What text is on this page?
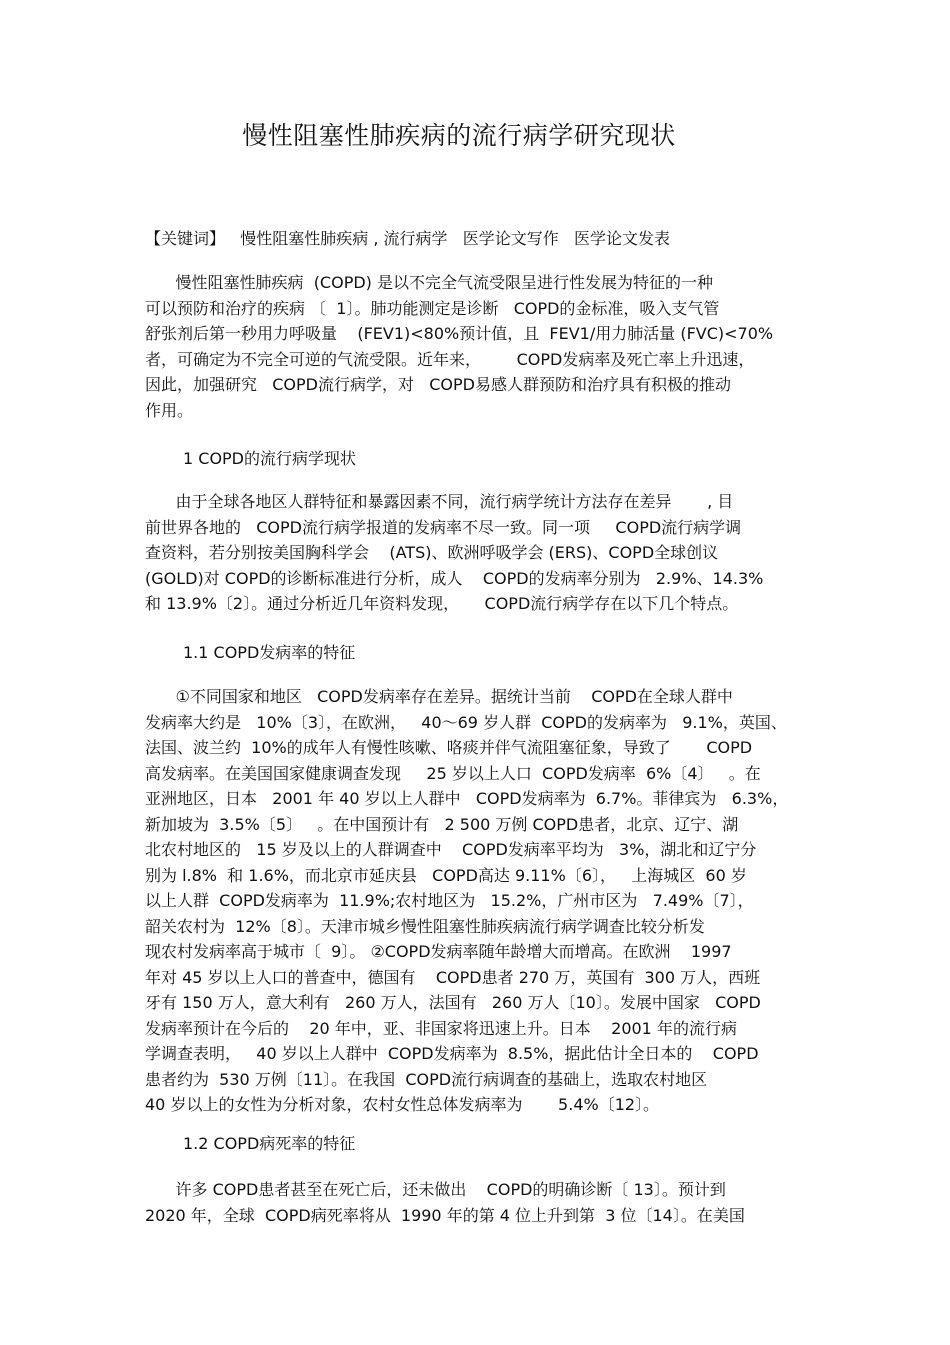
慢性阻塞性肺疾病的流行病学研究现状
【关键词】   慢性阻塞性肺疾病 , 流行病学   医学论文写作   医学论文发表
慢性阻塞性肺疾病  (COPD) 是以不完全气流受限呈进行性发展为特征的一种
可以预防和治疗的疾病 〔  1〕。肺功能测定是诊断   COPD的金标准，吸入支气管
舒张剂后第一秒用力呼吸量    (FEV1)<80%预计值，且  FEV1/用力肺活量 (FVC)<70%
者，可确定为不完全可逆的气流受限。近年来，       COPD发病率及死亡率上升迅速，
因此，加强研究   COPD流行病学，对   COPD易感人群预防和治疗具有积极的推动
作用。
1 COPD的流行病学现状
由于全球各地区人群特征和暴露因素不同，流行病学统计方法存在差异       , 目
前世界各地的   COPD流行病学报道的发病率不尽一致。同一项     COPD流行病学调
查资料，若分别按美国胸科学会    (ATS)、欧洲呼吸学会 (ERS)、COPD全球创议
(GOLD)对 COPD的诊断标准进行分析，成人    COPD的发病率分别为   2.9%、14.3%
和 13.9%〔2〕。通过分析近几年资料发现，     COPD流行病学存在以下几个特点。
1.1 COPD发病率的特征
①不同国家和地区   COPD发病率存在差异。据统计当前    COPD在全球人群中
发病率大约是   10%〔3〕，在欧洲，   40～69 岁人群  COPD的发病率为   9.1%，英国、
法国、波兰约  10%的成年人有慢性咳嗽、咯痰并伴气流阻塞征象，导致了       COPD
高发病率。在美国国家健康调查发现     25 岁以上人口  COPD发病率  6%〔4〕   。在
亚洲地区，日本   2001 年 40 岁以上人群中   COPD发病率为  6.7%。菲律宾为   6.3%，
新加坡为  3.5%〔5〕   。在中国预计有   2 500 万例 COPD患者，北京、辽宁、湖
北农村地区的   15 岁及以上的人群调查中    COPD发病率平均为   3%，湖北和辽宁分
别为 l.8%  和 1.6%，而北京市延庆县   COPD高达 9.11%〔6〕，   上海城区  60 岁
以上人群  COPD发病率为  11.9%;农村地区为   15.2%，广州市区为   7.49%〔7〕，
韶关农村为  12%〔8〕。天津市城乡慢性阻塞性肺疾病流行病学调查比较分析发
现农村发病率高于城市〔  9〕。 ②COPD发病率随年龄增大而增高。在欧洲    1997
年对 45 岁以上人口的普查中，德国有    COPD患者 270 万，英国有  300 万人，西班
牙有 150 万人，意大利有   260 万人，法国有   260 万人〔10〕。发展中国家   COPD
发病率预计在今后的    20 年中，亚、非国家将迅速上升。日本    2001 年的流行病
学调查表明，   40 岁以上人群中  COPD发病率为  8.5%，据此估计全日本的    COPD
患者约为  530 万例〔11〕。在我国  COPD流行病调查的基础上，选取农村地区
40 岁以上的女性为分析对象，农村女性总体发病率为       5.4%〔12〕。
1.2 COPD病死率的特征
许多 COPD患者甚至在死亡后，还未做出    COPD的明确诊断〔 13〕。预计到
2020 年，全球  COPD病死率将从  1990 年的第 4 位上升到第  3 位〔14〕。在美国
